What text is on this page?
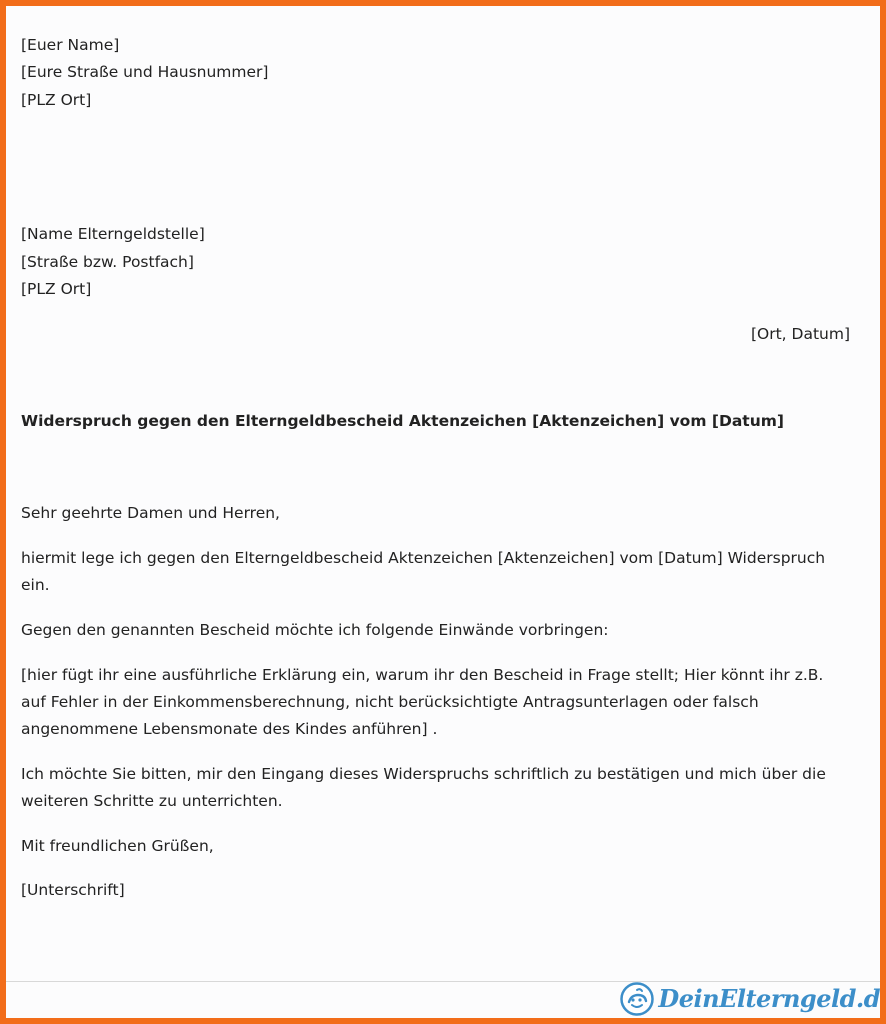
[Euer Name]
[Eure Straße und Hausnummer]
[PLZ Ort]
[Name Elterngeldstelle]
[Straße bzw. Postfach]
[PLZ Ort]
[Ort, Datum]
Widerspruch gegen den Elterngeldbescheid Aktenzeichen [Aktenzeichen] vom [Datum]
Sehr geehrte Damen und Herren,
hiermit lege ich gegen den Elterngeldbescheid Aktenzeichen [Aktenzeichen] vom [Datum] Widerspruch
ein.
Gegen den genannten Bescheid möchte ich folgende Einwände vorbringen:
[hier fügt ihr eine ausführliche Erklärung ein, warum ihr den Bescheid in Frage stellt; Hier könnt ihr z.B.
auf Fehler in der Einkommensberechnung, nicht berücksichtigte Antragsunterlagen oder falsch
angenommene Lebensmonate des Kindes anführen] .
Ich möchte Sie bitten, mir den Eingang dieses Widerspruchs schriftlich zu bestätigen und mich über die
weiteren Schritte zu unterrichten.
Mit freundlichen Grüßen,
[Unterschrift]
DeinElterngeld.d
